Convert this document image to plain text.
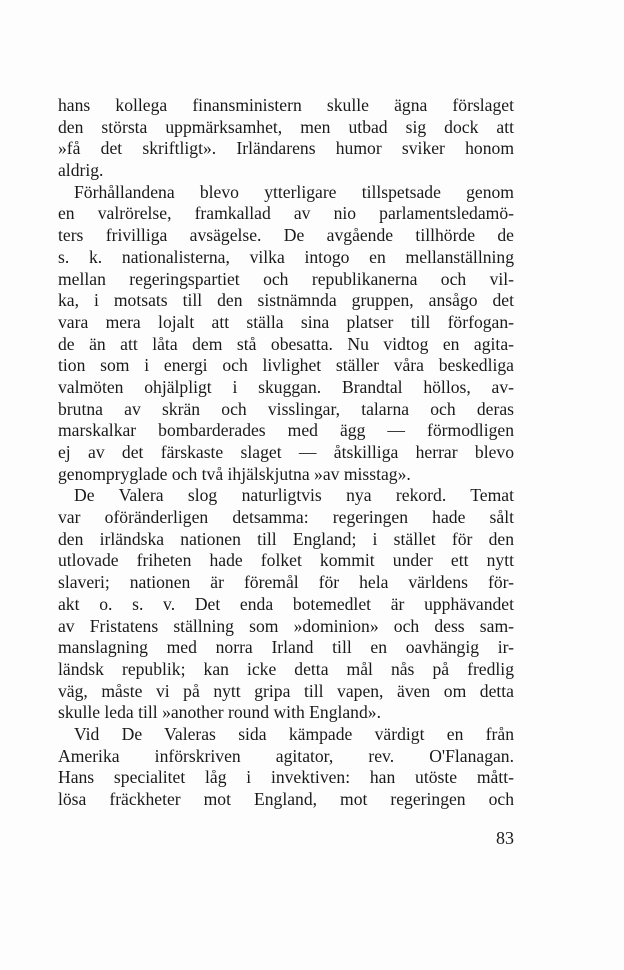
hans kollega finansministern skulle ägna förslaget
den största uppmärksamhet, men utbad sig dock att
»få det skriftligt». Irländarens humor sviker honom
aldrig.
Förhållandena blevo ytterligare tillspetsade genom
en valrörelse, framkallad av nio parlamentsledamö-
ters frivilliga avsägelse. De avgående tillhörde de
s. k. nationalisterna, vilka intogo en mellanställning
mellan regeringspartiet och republikanerna och vil-
ka, i motsats till den sistnämnda gruppen, ansågo det
vara mera lojalt att ställa sina platser till förfogan-
de än att låta dem stå obesatta. Nu vidtog en agita-
tion som i energi och livlighet ställer våra beskedliga
valmöten ohjälpligt i skuggan. Brandtal höllos, av-
brutna av skrän och visslingar, talarna och deras
marskalkar bombarderades med ägg — förmodligen
ej av det färskaste slaget — åtskilliga herrar blevo
genompryglade och två ihjälskjutna »av misstag».
De Valera slog naturligtvis nya rekord. Temat
var oföränderligen detsamma: regeringen hade sålt
den irländska nationen till England; i stället för den
utlovade friheten hade folket kommit under ett nytt
slaveri; nationen är föremål för hela världens för-
akt o. s. v. Det enda botemedlet är upphävandet
av Fristatens ställning som »dominion» och dess sam-
manslagning med norra Irland till en oavhängig ir-
ländsk republik; kan icke detta mål nås på fredlig
väg, måste vi på nytt gripa till vapen, även om detta
skulle leda till »another round with England».
Vid De Valeras sida kämpade värdigt en från
Amerika införskriven agitator, rev. O'Flanagan.
Hans specialitet låg i invektiven: han utöste mått-
lösa fräckheter mot England, mot regeringen och
83
